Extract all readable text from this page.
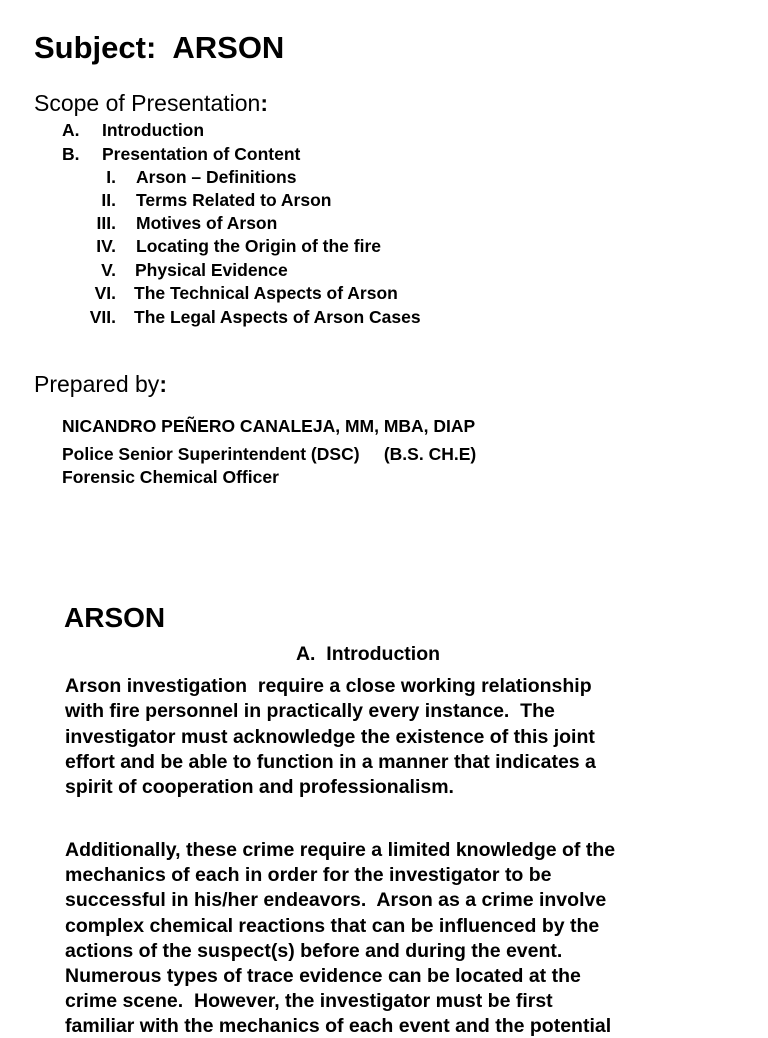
Subject:  ARSON
Scope of Presentation:
A.	Introduction
B.	Presentation of Content
I. Arson – Definitions
II. Terms Related to Arson
III. Motives of Arson
IV. Locating the Origin of the fire
V. Physical Evidence
VI. The Technical Aspects of Arson
VII. The Legal Aspects of Arson Cases
Prepared by:
NICANDRO PEÑERO CANALEJA, MM, MBA, DIAP
Police Senior Superintendent (DSC)     (B.S. CH.E)
Forensic Chemical Officer
ARSON
A.  Introduction
Arson investigation  require a close working relationship
with fire personnel in practically every instance.  The
investigator must acknowledge the existence of this joint
effort and be able to function in a manner that indicates a
spirit of cooperation and professionalism.
Additionally, these crime require a limited knowledge of the
mechanics of each in order for the investigator to be
successful in his/her endeavors.  Arson as a crime involve
complex chemical reactions that can be influenced by the
actions of the suspect(s) before and during the event.
Numerous types of trace evidence can be located at the
crime scene.  However, the investigator must be first
familiar with the mechanics of each event and the potential
